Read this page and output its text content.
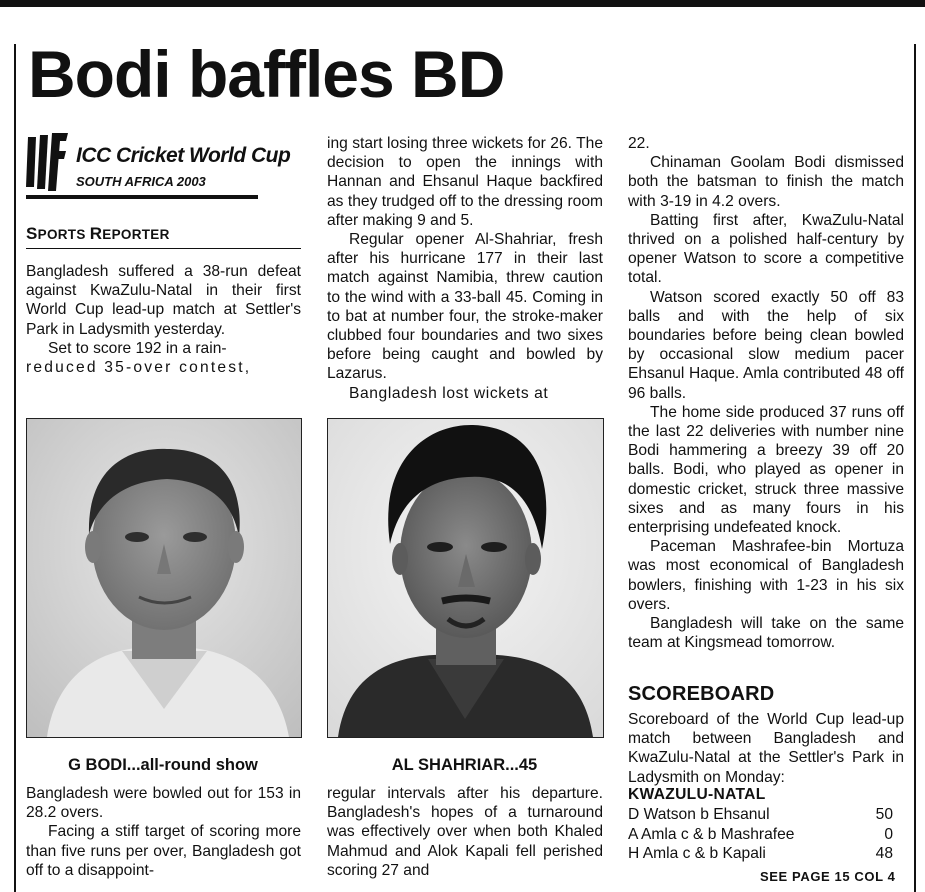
Bodi baffles BD
ICC Cricket World Cup
SOUTH AFRICA 2003
SPORTS REPORTER

Bangladesh suffered a 38-run defeat against KwaZulu-Natal in their first World Cup lead-up match at Settler's Park in Ladysmith yesterday.

Set to score 192 in a rain-

reduced 35-over contest,

ing start losing three wickets for 26. The decision to open the innings with Hannan and Ehsanul Haque backfired as they trudged off to the dressing room after making 9 and 5.

Regular opener Al-Shahriar, fresh after his hurricane 177 in their last match against Namibia, threw caution to the wind with a 33-ball 45. Coming in to bat at number four, the stroke-maker clubbed four boundaries and two sixes before being caught and bowled by Lazarus.

Bangladesh lost wickets at

22.

Chinaman Goolam Bodi dismissed both the batsman to finish the match with 3-19 in 4.2 overs.

Batting first after, KwaZulu-Natal thrived on a polished half-century by opener Watson to score a competitive total.

Watson scored exactly 50 off 83 balls and with the help of six boundaries before being clean bowled by occasional slow medium pacer Ehsanul Haque. Amla contributed 48 off 96 balls.

The home side produced 37 runs off the last 22 deliveries with number nine Bodi hammering a breezy 39 off 20 balls. Bodi, who played as opener in domestic cricket, struck three massive sixes and as many fours in his enterprising undefeated knock.

Paceman Mashrafee-bin Mortuza was most economical of Bangladesh bowlers, finishing with 1-23 in his six overs.

Bangladesh will take on the same team at Kingsmead tomorrow.

G BODI...all-round show	AL SHAHRIAR...45

Bangladesh were bowled out for 153 in 28.2 overs.

Facing a stiff target of scoring more than five runs per over, Bangladesh got off to a disappoint-

regular intervals after his departure. Bangladesh's hopes of a turnaround was effectively over when both Khaled Mahmud and Alok Kapali fell perished scoring 27 and

SCOREBOARD
Scoreboard of the World Cup lead-up match between Bangladesh and KwaZulu-Natal at the Settler's Park in Ladysmith on Monday:
KWAZULU-NATAL
D Watson b Ehsanul	50
A Amla c & b Mashrafee	0
H Amla c & b Kapali	48
SEE PAGE 15 COL 4
